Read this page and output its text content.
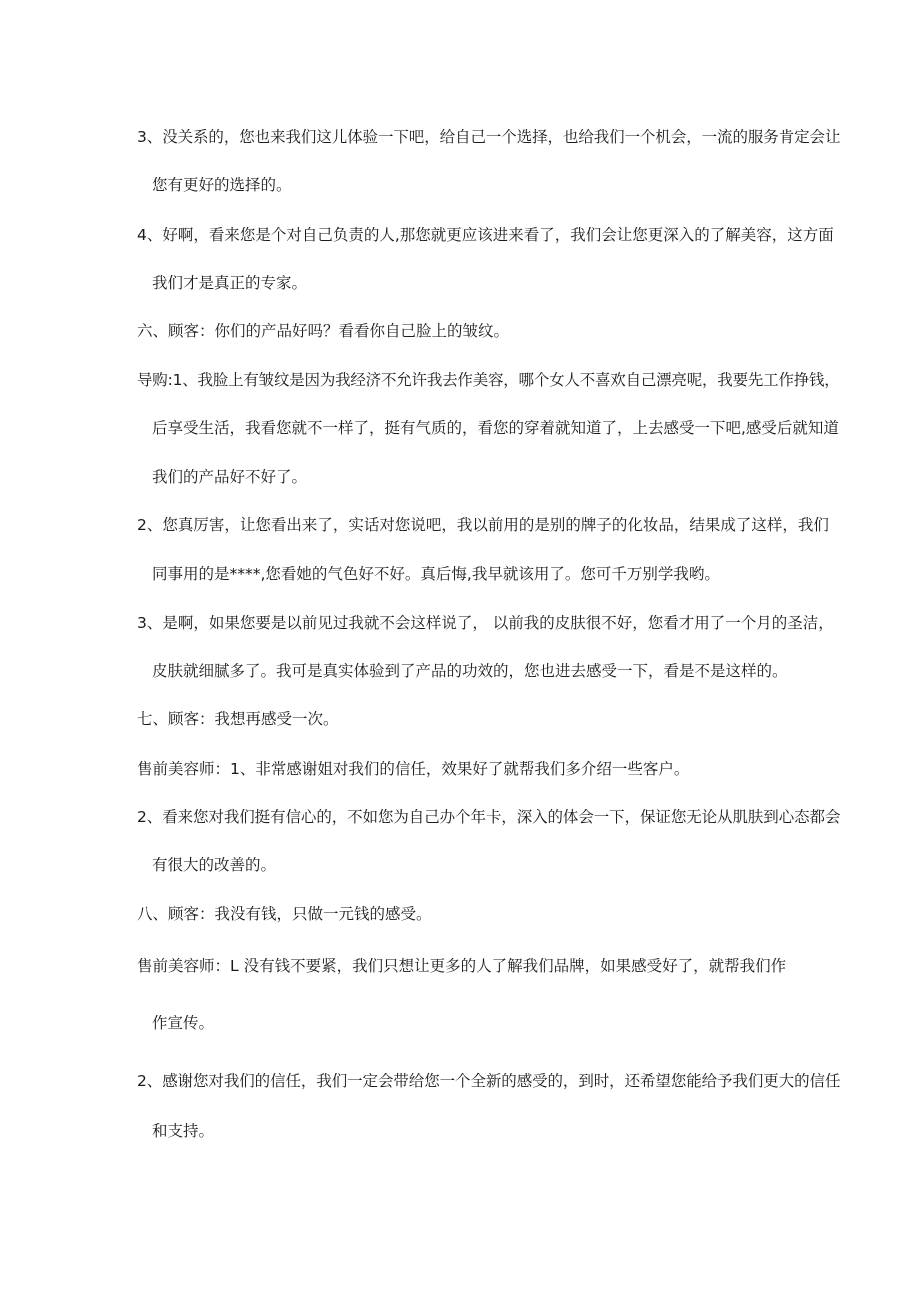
3、没关系的，您也来我们这儿体验一下吧，给自己一个选择，也给我们一个机会，一流的服务肯定会让
您有更好的选择的。
4、好啊，看来您是个对自己负责的人,那您就更应该进来看了，我们会让您更深入的了解美容，这方面
我们才是真正的专家。
六、顾客：你们的产品好吗？看看你自己脸上的皱纹。
导购:1、我脸上有皱纹是因为我经济不允许我去作美容，哪个女人不喜欢自己漂亮呢，我要先工作挣钱，
后享受生活，我看您就不一样了，挺有气质的，看您的穿着就知道了，上去感受一下吧,感受后就知道
我们的产品好不好了。
2、您真厉害，让您看出来了，实话对您说吧，我以前用的是别的牌子的化妆品，结果成了这样，我们
同事用的是****,您看她的气色好不好。真后悔,我早就该用了。您可千万别学我哟。
3、是啊，如果您要是以前见过我就不会这样说了， 以前我的皮肤很不好，您看才用了一个月的圣洁，
皮肤就细腻多了。我可是真实体验到了产品的功效的，您也进去感受一下，看是不是这样的。
七、顾客：我想再感受一次。
售前美容师：1、非常感谢姐对我们的信任，效果好了就帮我们多介绍一些客户。
2、看来您对我们挺有信心的，不如您为自己办个年卡，深入的体会一下，保证您无论从肌肤到心态都会
有很大的改善的。
八、顾客：我没有钱，只做一元钱的感受。
售前美容师：L 没有钱不要紧，我们只想让更多的人了解我们品牌，如果感受好了，就帮我们作
作宣传。
2、感谢您对我们的信任，我们一定会带给您一个全新的感受的，到时，还希望您能给予我们更大的信任
和支持。
